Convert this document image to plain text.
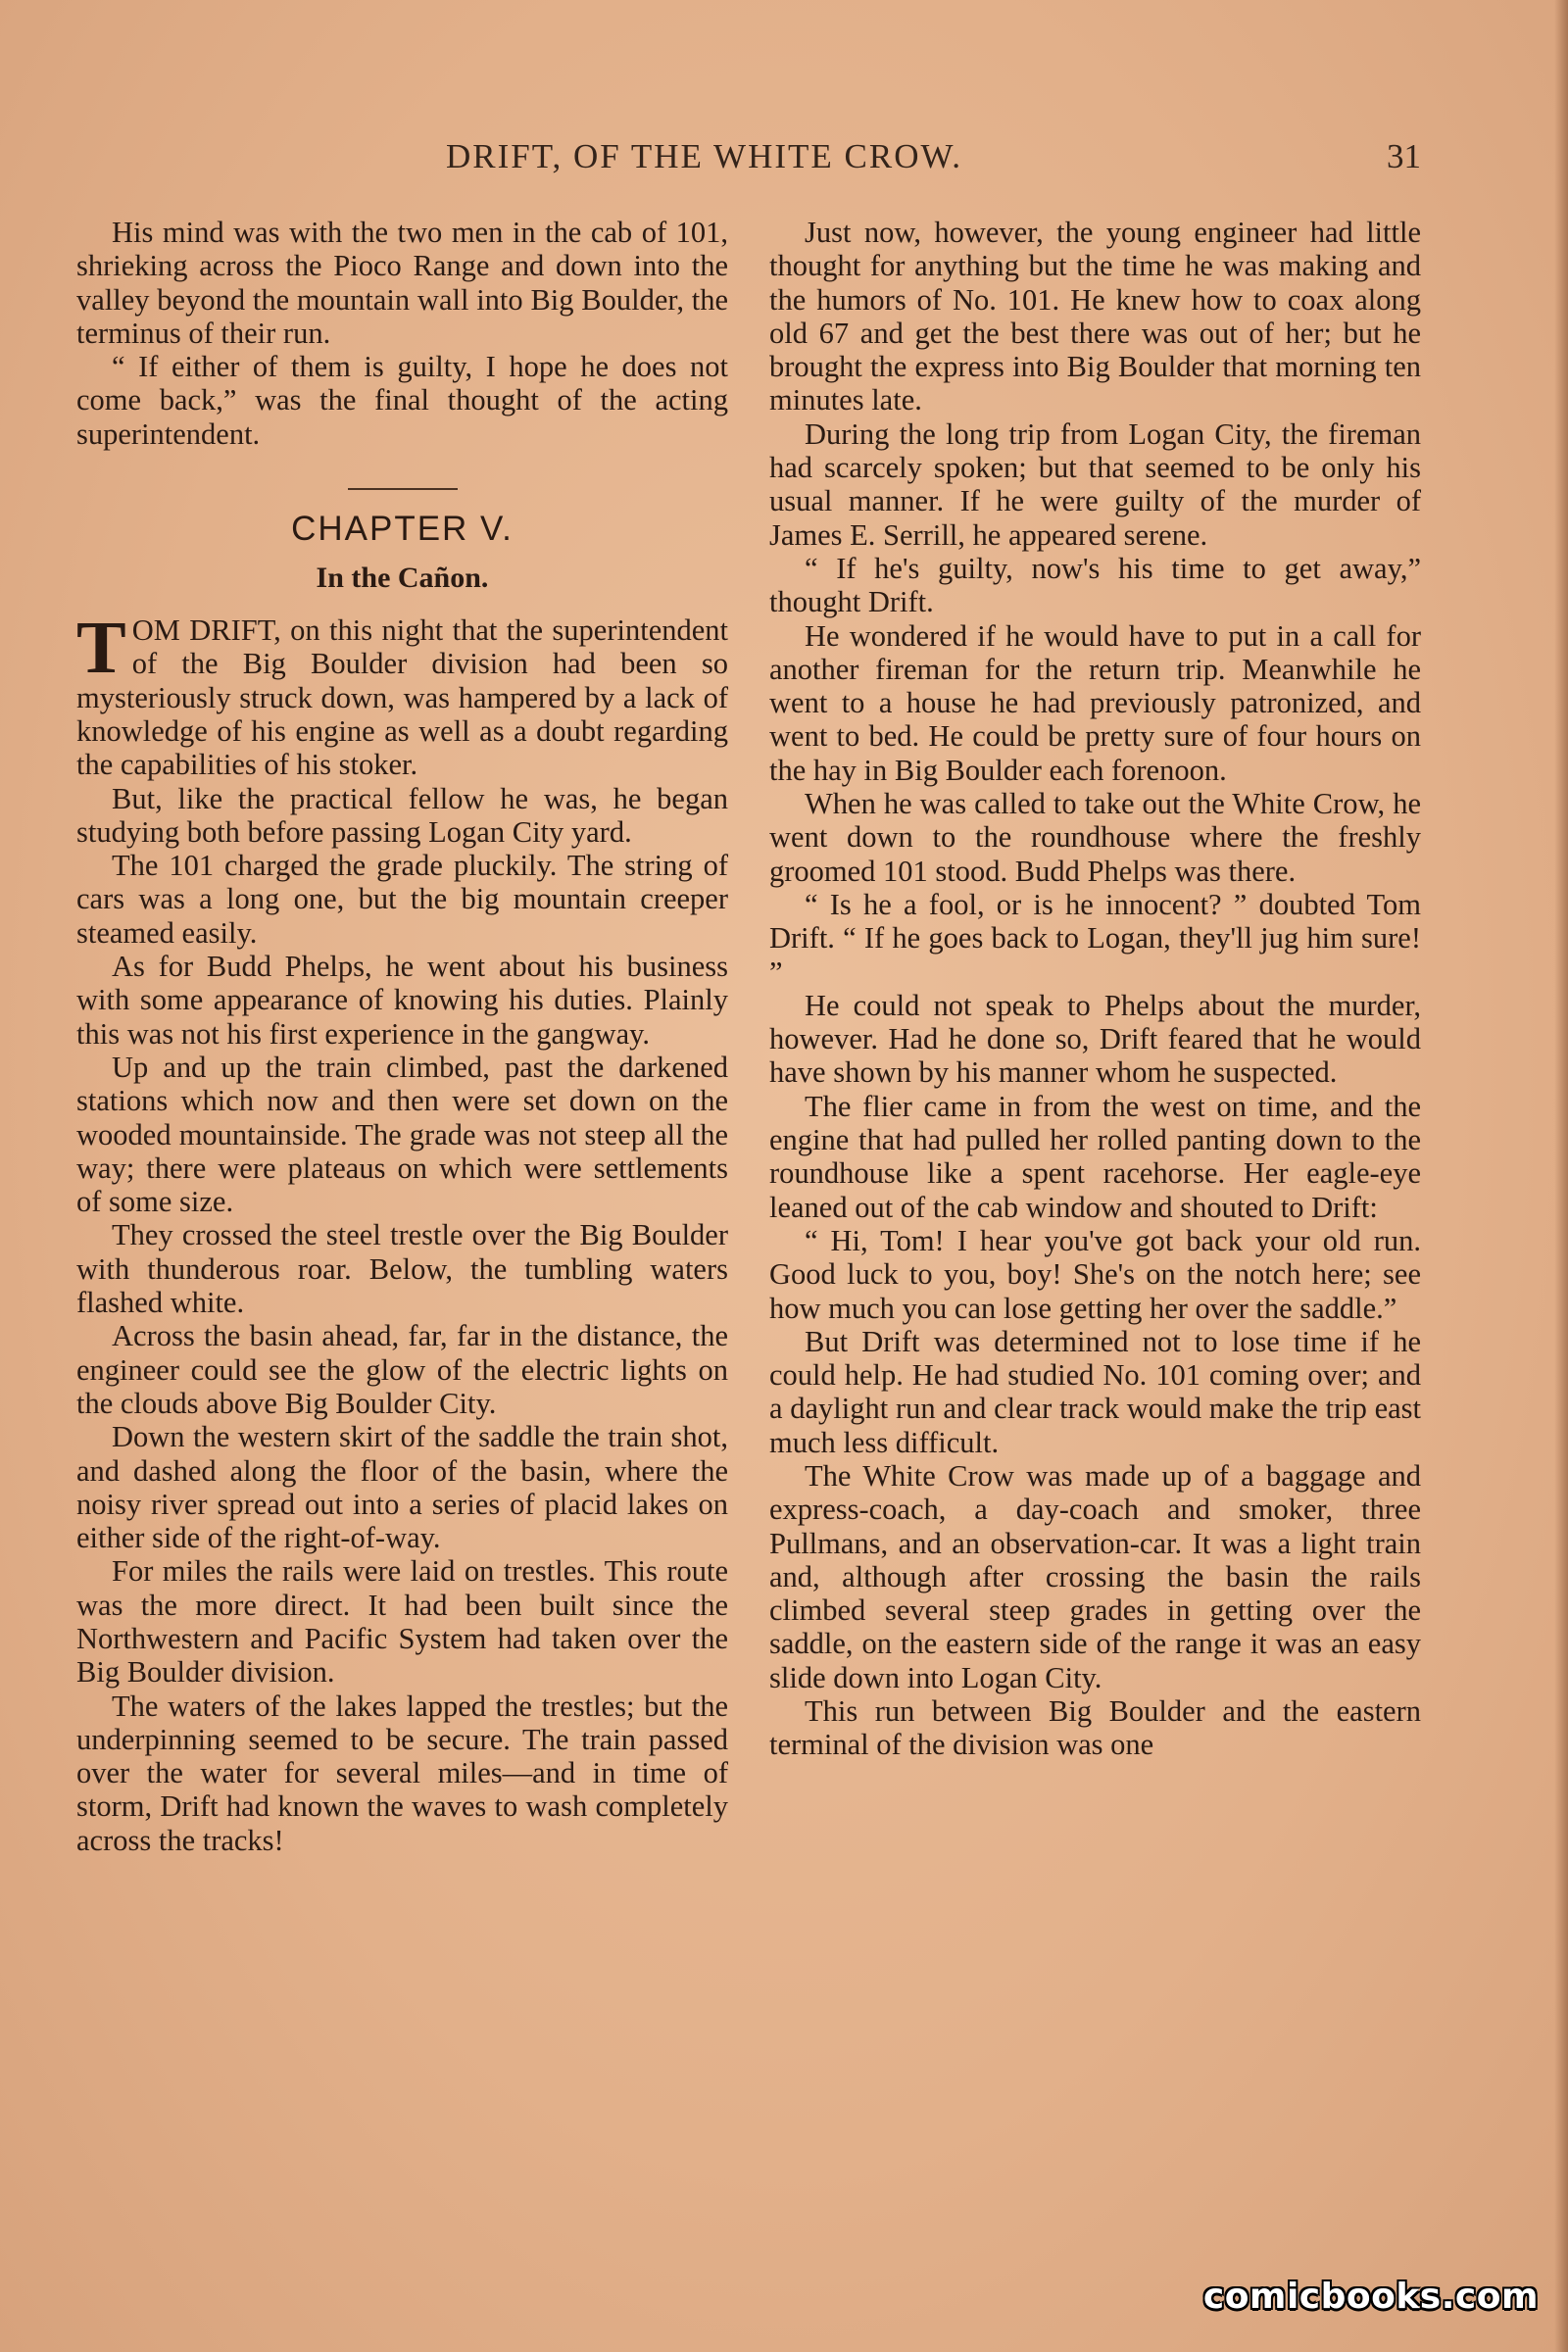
DRIFT, OF THE WHITE CROW.	31

His mind was with the two men in the cab of 101, shrieking across the Pioco Range and down into the valley beyond the mountain wall into Big Boulder, the terminus of their run.

“ If either of them is guilty, I hope he does not come back,” was the final thought of the acting superintendent.

CHAPTER V.
In the Cañon.

TOM DRIFT, on this night that the superintendent of the Big Boulder division had been so mysteriously struck down, was hampered by a lack of knowledge of his engine as well as a doubt regarding the capabilities of his stoker.

But, like the practical fellow he was, he began studying both before passing Logan City yard.

The 101 charged the grade pluckily. The string of cars was a long one, but the big mountain creeper steamed easily.

As for Budd Phelps, he went about his business with some appearance of knowing his duties. Plainly this was not his first experience in the gangway.

Up and up the train climbed, past the darkened stations which now and then were set down on the wooded mountainside. The grade was not steep all the way; there were plateaus on which were settlements of some size.

They crossed the steel trestle over the Big Boulder with thunderous roar. Below, the tumbling waters flashed white.

Across the basin ahead, far, far in the distance, the engineer could see the glow of the electric lights on the clouds above Big Boulder City.

Down the western skirt of the saddle the train shot, and dashed along the floor of the basin, where the noisy river spread out into a series of placid lakes on either side of the right-of-way.

For miles the rails were laid on trestles. This route was the more direct. It had been built since the Northwestern and Pacific System had taken over the Big Boulder division.

The waters of the lakes lapped the trestles; but the underpinning seemed to be secure. The train passed over the water for several miles—and in time of storm, Drift had known the waves to wash completely across the tracks!

Just now, however, the young engineer had little thought for anything but the time he was making and the humors of No. 101. He knew how to coax along old 67 and get the best there was out of her; but he brought the express into Big Boulder that morning ten minutes late.

During the long trip from Logan City, the fireman had scarcely spoken; but that seemed to be only his usual manner. If he were guilty of the murder of James E. Serrill, he appeared serene.

“ If he's guilty, now's his time to get away,” thought Drift.

He wondered if he would have to put in a call for another fireman for the return trip. Meanwhile he went to a house he had previously patronized, and went to bed. He could be pretty sure of four hours on the hay in Big Boulder each forenoon.

When he was called to take out the White Crow, he went down to the roundhouse where the freshly groomed 101 stood. Budd Phelps was there.

“ Is he a fool, or is he innocent? ” doubted Tom Drift. “ If he goes back to Logan, they'll jug him sure! ”

He could not speak to Phelps about the murder, however. Had he done so, Drift feared that he would have shown by his manner whom he suspected.

The flier came in from the west on time, and the engine that had pulled her rolled panting down to the roundhouse like a spent racehorse. Her eagle-eye leaned out of the cab window and shouted to Drift:

“ Hi, Tom! I hear you've got back your old run. Good luck to you, boy! She's on the notch here; see how much you can lose getting her over the saddle.”

But Drift was determined not to lose time if he could help. He had studied No. 101 coming over; and a daylight run and clear track would make the trip east much less difficult.

The White Crow was made up of a baggage and express-coach, a day-coach and smoker, three Pullmans, and an observation-car. It was a light train and, although after crossing the basin the rails climbed several steep grades in getting over the saddle, on the eastern side of the range it was an easy slide down into Logan City.

This run between Big Boulder and the eastern terminal of the division was one

comicbooks.com
